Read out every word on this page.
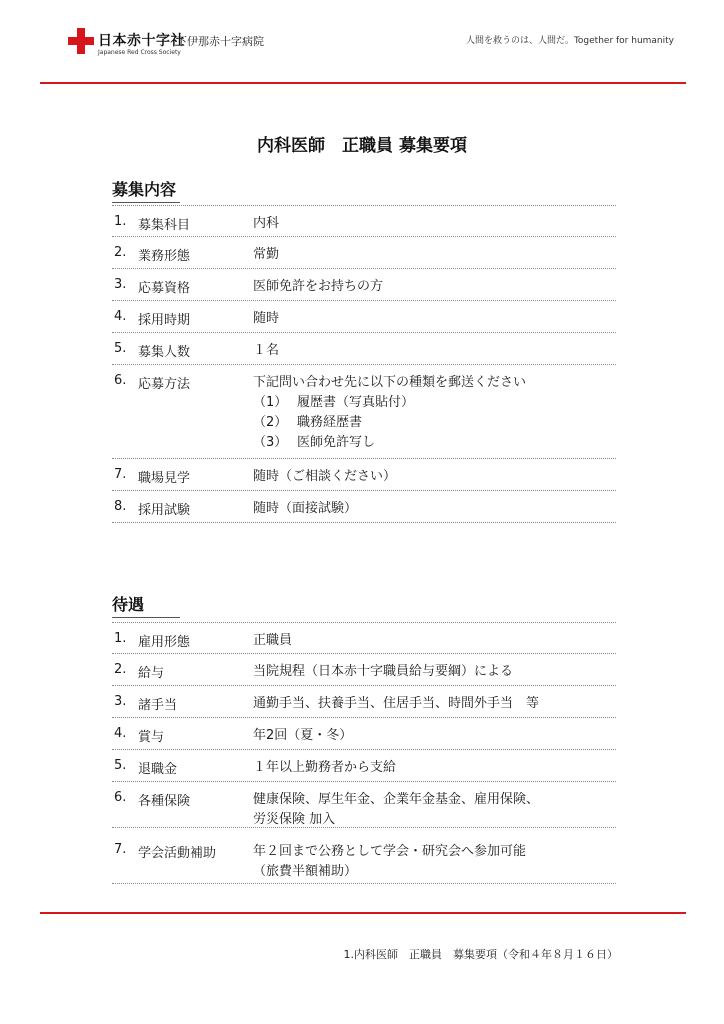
日本赤十字社
Japanese Red Cross Society
下伊那赤十字病院	人間を救うのは、人間だ。Together for humanity
内科医師　正職員 募集要項
募集内容
1. 募集科目	内科
2. 業務形態	常勤
3. 応募資格	医師免許をお持ちの方
4. 採用時期	随時
5. 募集人数	１名
6. 応募方法	下記問い合わせ先に以下の種類を郵送ください
（1） 履歴書（写真貼付）
（2） 職務経歴書
（3） 医師免許写し
7. 職場見学	随時（ご相談ください）
8. 採用試験	随時（面接試験）
待遇
1. 雇用形態	正職員
2. 給与	当院規程（日本赤十字職員給与要綱）による
3. 諸手当	通勤手当、扶養手当、住居手当、時間外手当　等
4. 賞与	年2回（夏・冬）
5. 退職金	１年以上勤務者から支給
6. 各種保険	健康保険、厚生年金、企業年金基金、雇用保険、
労災保険 加入
7. 学会活動補助	年２回まで公務として学会・研究会へ参加可能
（旅費半額補助）
1.内科医師　正職員　募集要項（令和４年８月１６日）
